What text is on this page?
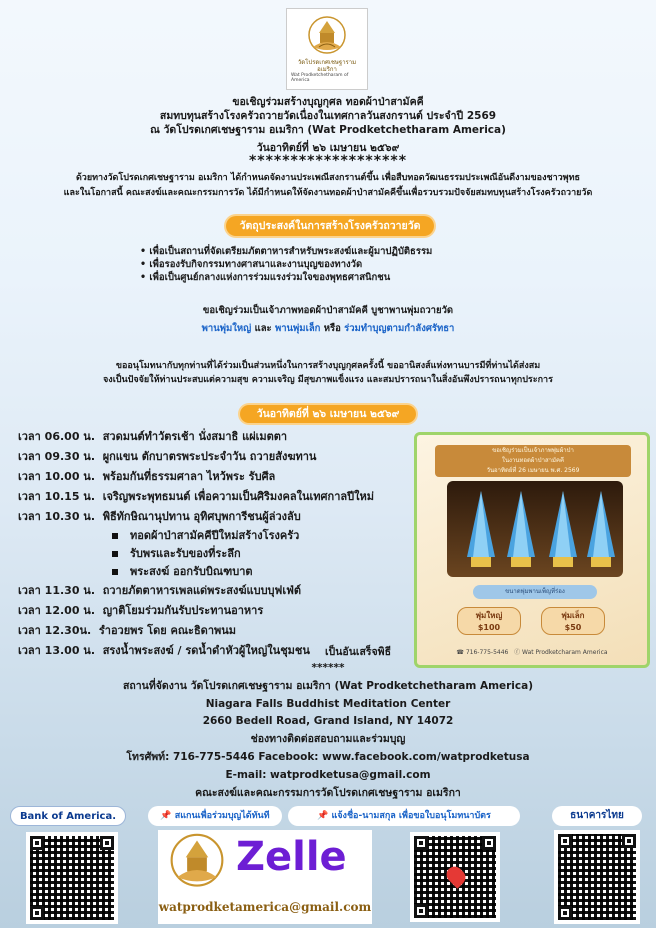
วัดโปรดเกศเชษฐาราม อเมริกา
Wat Prodketchetharam of America
ขอเชิญร่วมสร้างบุญกุศล ทอดผ้าป่าสามัคคี
สมทบทุนสร้างโรงครัวถวายวัดเนื่องในเทศกาลวันสงกรานต์ ประจำปี 2569
ณ วัดโปรดเกศเชษฐาราม อเมริกา (Wat Prodketchetharam America)
วันอาทิตย์ที่ ๒๖ เมษายน ๒๕๖๙
*******************
ด้วยทางวัดโปรดเกศเชษฐาราม อเมริกา ได้กำหนดจัดงานประเพณีสงกรานต์ขึ้น เพื่อสืบทอดวัฒนธรรมประเพณีอันดีงามของชาวพุทธ
และในโอกาสนี้ คณะสงฆ์และคณะกรรมการวัด ได้มีกำหนดให้จัดงานทอดผ้าป่าสามัคคีขึ้นเพื่อรวบรวมปัจจัยสมทบทุนสร้างโรงครัวถวายวัด
วัตถุประสงค์ในการสร้างโรงครัวถวายวัด
• เพื่อเป็นสถานที่จัดเตรียมภัตตาหารสำหรับพระสงฆ์และผู้มาปฏิบัติธรรม
• เพื่อรองรับกิจกรรมทางศาสนาและงานบุญของทางวัด
• เพื่อเป็นศูนย์กลางแห่งการร่วมแรงร่วมใจของพุทธศาสนิกชน
ขอเชิญร่วมเป็นเจ้าภาพทอดผ้าป่าสามัคคี บูชาพานพุ่มถวายวัด
พานพุ่มใหญ่ และ พานพุ่มเล็ก หรือ ร่วมทำบุญตามกำลังศรัทธา
ขออนุโมทนากับทุกท่านที่ได้ร่วมเป็นส่วนหนึ่งในการสร้างบุญกุศลครั้งนี้ ขออานิสงส์แห่งทานบารมีที่ท่านได้ส่งสม
จงเป็นปัจจัยให้ท่านประสบแต่ความสุข ความเจริญ มีสุขภาพแข็งแรง และสมปรารถนาในสิ่งอันพึงปรารถนาทุกประการ
วันอาทิตย์ที่ ๒๖ เมษายน ๒๕๖๙
เวลา 06.00 น. สวดมนต์ทำวัตรเช้า นั่งสมาธิ แผ่เมตตา
เวลา 09.30 น. ผูกแขน ตักบาตรพระประจำวัน ถวายสังฆทาน
เวลา 10.00 น. พร้อมกันที่ธรรมศาลา ไหว้พระ รับศีล
เวลา 10.15 น. เจริญพระพุทธมนต์ เพื่อความเป็นศิริมงคลในเทศกาลปีใหม่
เวลา 10.30 น. พิธีทักษิณานุปทาน อุทิศบุพการีชนผู้ล่วงลับ
ทอดผ้าป่าสามัคคีปีใหม่สร้างโรงครัว
รับพรและรับของที่ระลึก
พระสงฆ์ ออกรับบิณฑบาต
เวลา 11.30 น. ถวายภัตตาหารเพลแด่พระสงฆ์แบบบุฟเฟ่ต์
เวลา 12.00 น. ญาติโยมร่วมกันรับประทานอาหาร
เวลา 12.30น. รำอวยพร โดย คณะธิดาพนม
เวลา 13.00 น. สรงน้ำพระสงฆ์ / รดน้ำดำหัวผู้ใหญ่ในชุมชน	เป็นอันเสร็จพิธี
******
ขอเชิญร่วมเป็นเจ้าภาพพุ่มผ้าป่า
ในงานทอดผ้าป่าสามัคคี
วันอาทิตย์ที่ 26 เมษายน พ.ศ. 2569
ขนาดพุ่มพานเพ็ญที่ร่อง
พุ่มใหญ่
$100
พุ่มเล็ก
$50
☎ 716-775-5446 ⓕ Wat Prodketcharam America
สถานที่จัดงาน วัดโปรดเกศเชษฐาราม อเมริกา (Wat Prodketchetharam America)
Niagara Falls Buddhist Meditation Center
2660 Bedell Road, Grand Island, NY 14072
ช่องทางติดต่อสอบถามและร่วมบุญ
โทรศัพท์: 716-775-5446 Facebook: www.facebook.com/watprodketusa
E-mail: watprodketusa@gmail.com
คณะสงฆ์และคณะกรรมการวัดโปรดเกศเชษฐาราม อเมริกา
Bank of America.	📌 สแกนเพื่อร่วมบุญได้ทันที	📌 แจ้งชื่อ-นามสกุล เพื่อขอใบอนุโมทนาบัตร
Zelle
watprodketamerica@gmail.com
ธนาคารไทย
